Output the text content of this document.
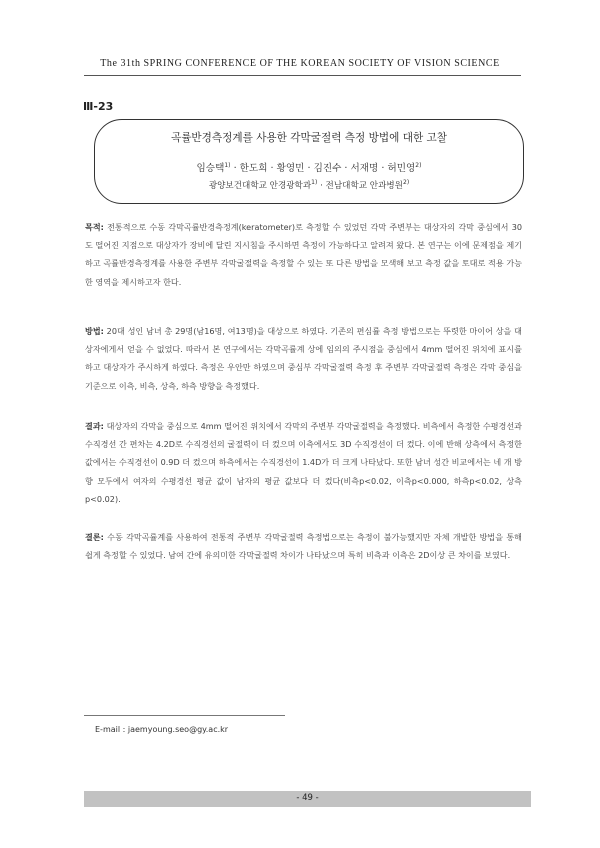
The 31th SPRING CONFERENCE OF THE KOREAN SOCIETY OF VISION SCIENCE
Ⅲ-23
곡률반경측정계를 사용한 각막굴절력 측정 방법에 대한 고찰
임승택$^{1)}$ · 한도희 · 황영민 · 김진수 · 서재명 · 허민영$^{2)}$
광양보건대학교 안경광학과$^{1)}$ · 전남대학교 안과병원$^{2)}$
목적: 전통적으로 수동 각막곡률반경측정계(keratometer)로 측정할 수 있었던 각막 주변부는 대상자의 각막 중심에서 30도 떨어진 지점으로 대상자가 장비에 달린 지시침을 주시하면 측정이 가능하다고 알려져 왔다. 본 연구는 이에 문제점을 제기하고 곡률반경측정계를 사용한 주변부 각막굴절력을 측정할 수 있는 또 다른 방법을 모색해 보고 측정 값을 토대로 적용 가능한 영역을 제시하고자 한다.
방법: 20대 성인 남녀 총 29명(남16명, 여13명)을 대상으로 하였다. 기존의 편심률 측정 방법으로는 뚜렷한 마이어 상을 대상자에게서 얻을 수 없었다. 따라서 본 연구에서는 각막곡률계 상에 임의의 주시점을 중심에서 4mm 떨어진 위치에 표시를 하고 대상자가 주시하게 하였다. 측정은 우안만 하였으며 중심부 각막굴절력 측정 후 주변부 각막굴절력 측정은 각막 중심을 기준으로 이측, 비측, 상측, 하측 방향을 측정했다.
결과: 대상자의 각막을 중심으로 4mm 떨어진 위치에서 각막의 주변부 각막굴절력을 측정했다. 비측에서 측정한 수평경선과 수직경선 간 편차는 4.2D로 수직경선의 굴절력이 더 컸으며 이측에서도 3D 수직경선이 더 컸다. 이에 반해 상측에서 측정한 값에서는 수직경선이 0.9D 더 컸으며 하측에서는 수직경선이 1.4D가 더 크게 나타났다. 또한 남녀 성간 비교에서는 네 개 방향 모두에서 여자의 수평경선 평균 값이 남자의 평균 값보다 더 컸다(비측p<0.02, 이측p<0.000, 하측p<0.02, 상측p<0.02).
결론: 수동 각막곡률계를 사용하여 전통적 주변부 각막굴절력 측정법으로는 측정이 불가능했지만 자체 개발한 방법을 통해 쉽게 측정할 수 있었다. 남여 간에 유의미한 각막굴절력 차이가 나타났으며 특히 비측과 이측은 2D이상 큰 차이를 보였다.
E-mail : jaemyoung.seo@gy.ac.kr
- 49 -
